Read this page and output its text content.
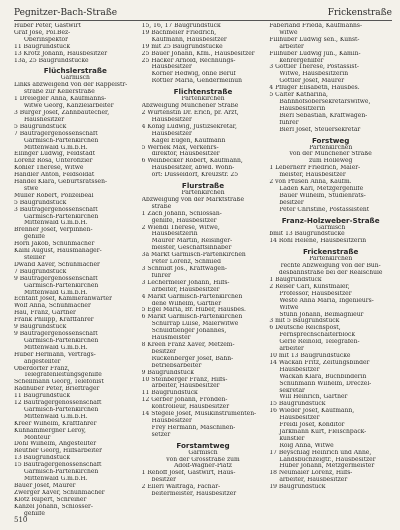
Pegnitzer-Bach-Straße	Frickenstraße
Huber Peter, Gastwirt
Graf Jose, Pol.Bez-
Oberinspektor
11 Baugrundstück
13 Krötz Johann, Hausbesitzer
13a, 25 Baugrundstücke
Flüchslerstraße
Garmisch
Links abzweigend von der Rappelstr-
straße zur Kellerstraße
1 Dreiegler Anna, Kaufmanns-
witwe Georg, Kanzleiarbeiter
3 Burger Josef, Zahnbautecher,
Haushesitzer
5 Baugrundstück
7 Bauträgergenossenschaft
Garmisch-Partenkirchen
Mittenwald G.m.b.H.
Ellinger Ludwig, Feldstadt
Lorenz Rosa, Unterofizier
Köhler Therese, Witwe
Handler Anton, Feldsoldat
Handel Klara, Geburtsrätssen-
stwe
Müller Robert, Polizeibeal
5 Baugrundstück
3 Bauträgergenossenschaft
Garmisch-Partenkirchen
Mittenwald G.m.b.H.
Brenner Josef, Verpinnen-
gehilfe
Horn Jakob, Schuhmacher
Kainl August, Hausmanager-
stellier
Dwand Xaver, Schuhmacher
7 Baugrundstück
9 Bauträgergenossenschaft
Garmisch-Partenkirchen
Mittenwald G.m.b.H.
Echtant Josef, Kammeranwärter
Wolf Anna, Schuhmacher
Hau, Franz, Gärtner
Frank Philipp, Kraftfahrer
9 Baugrundstück
9 Bauträgergenossenschaft
Garmisch-Partenkirchen
Mittenwald G.m.b.H.
Huber Hermann, Verträgs-
angestellter
Oberdorfer Franz,
Telegrafenleitungsgehilfe
Schellmann Georg, Telefonist
Radhuber Peter, Briefträger
11 Baugrundstück
12 Bauträgergenossenschaft
Garmisch-Partenkirchen
Mittenwald G.m.b.H.
Kreer Wilhelm, Kraftfahrer
Kuhnammergner Leroy,
Monteur
Döhl Wilhelm, Angestellter
Reuther Georg, Hilfsarbeiter
13 Baugrundstück
15 Bauträgergenossenschaft
Garmisch-Partenkirchen
Mittenwald G.m.b.H.
Bauer Josef, Maurer
Zwerger Xaver, Schuhmacher
Klotz Rupert, Schreiner
Kanzel Johann, Schlosser-
gehilfe
15, 16, 17 Baugrundstück
19 Bachmeier Friedrich,
Kaufmann, Hausbesitzer
19 mit 25 Baugrundstücke
25 Bauer Johann, Kfm., Hausbesitzer
25 Hacker Arnold, Rechnungs-
Hausbesitzer
Körner Hedwig, ohne Beruf
Röttler Maria, Gendermeinun
Flichtenstraße
Partenkirchen
Abzweigung Münchener Straße
2 Wurtenstin Dr. Erich, pr. Arzt,
Hausbesitzer
4 König Ludwig, Justizsekretär,
Hausbesitzer
Kagel Eugen, Kaufmann
5 Wernek Max, Verkehrs-
direktor, Hausbesitzer
6 Weinbecker Robert, Kaufmann,
Hausbesitzer, abwd. Wohn-
ort: Düsseldorf, Kreuzstr. 25
Flurstraße
Partenkirchen
Abzweigung von der Marktstraße
straße
1 Zach Johann, Schlossan-
gehilfe, Hausbesitzer
2 Wiendl Therese, Witwe,
Hausbesitzerin
Maurer Martin, Reisinger-
meister, Geschäftsinhaber
3a Markt Garmisch-Partenkirchen
Peter Lorenz, Schmied
3 Schmidt Jos., Kraftwagen-
führer
3 Lechermeier Johann, Hilfs-
arbeiter, Hausbesitzer
4 Markt Garmisch-Partenkirchen
dene Wilhelm, Gärtner
5 Egel Maria, Br. Huber, Hausbes.
6 Markt Garmisch-Partenkirchen
Schurrap Luise, Malerwitwe
Schuldtienger Johannes,
Hausmeister
8 Kreen Franz Xaver, Metzem-
besitzer
Rückenberger Josef, Bahn-
betriebsarbeiter
9 Baugrundstück
10 Steinberger Franz, Hilfs-
arbeiter, Hausbesitzer
11 Baugrundstück
12 Gerber Johann, Fronden-
kontrolleur, Hausbesitzer
14 Stegele Josef, Musikinstrumenten-
Hausbesitzer
Frey Hermann, Maschinen-
setzer
Forstamtweg
Garmisch
von der Grosstraße zum
Adolf-Wagner-Platz
1 Rehoff Josef, Gastwirt, Haus-
besitzer
2 Ellerl Waltraga, Fachar-
beitermeister, Hausbesitzer
Faberland Frieda, Kaufmanns-
witwe
Fillhuber Ludwig sen., Kunst-
arbeiter
Fillhuber Ludwig jun., Kamin-
kehrergehilfer
3 Göttler Therese, Postassist-
Witwe, Hausbesitzerin
Göttler Josef, Maurer
4 Pflüger Elisabeth, Hausbes.
5 Calter Katharina,
Bahnhofsobersekretärswitwe,
Hausbesitzerin
Bierl Sebastian, Kraftwagen-
führer
Bierl Josef, Steuersekretär
Forstweg
Partenkirchen
von der Münchener Straße
zum Hölleweg
1 Leberherr Friedrich, Maler-
meister, Hausbesitzer
2 von Pfusen Anna, Kaufm.
Laden Karl, Metzgergehilfe
Bauer Wilhelm, Studienrats-
besitzer
Peter Christine, Postassistent
Franz-Holzweber-Straße
Garmisch
bmit 13 Baugrundstücke
14 Röhl Helene, Hausbesitzerin
Frickenstraße
Partenkirchen
rechte Abzweigung von der Bun-
desbahnstraße bei der Realschule
1 Baugrundstück
2 Reiser Carl, Kunstmaler,
Professor, Hausbesitzer
Weste Anna Maria, Ingenieurs-
Witwe
Stuhn Johann, Beimagnieur
3 mit 5 Baugrundstück
6 Deutsche Reichspost,
Fernsprechschalterblock
Gerle Reinold, Telegrafen-
arbeiter
10 mit 13 Baugrundstücke
14 Wackan Fritz, Zeitungsbinder
Hausbesitzer
Wackan Klara, Buchbinderin
Schuhmann Wilhelm, Dreczel-
sekretär
Will Heinrich, Gärtner
15 Baugrundstück
16 Wieder Josef, Kaufmann,
Hausbesitzer
Freidl Josef, Konditor
Jarkmann Kurt, Fleischpack-
künstler
Roig Anna, Witwe
17 Beyschlag Heinrich und Anne,
Landsbuchzeigtr., Hausbesitzer
Huber Johann, Metzgermeister
18 Neumaier Lorenz, Hilfs-
arbeiter, Hausbesitzer
19 Baugrundstück
510
